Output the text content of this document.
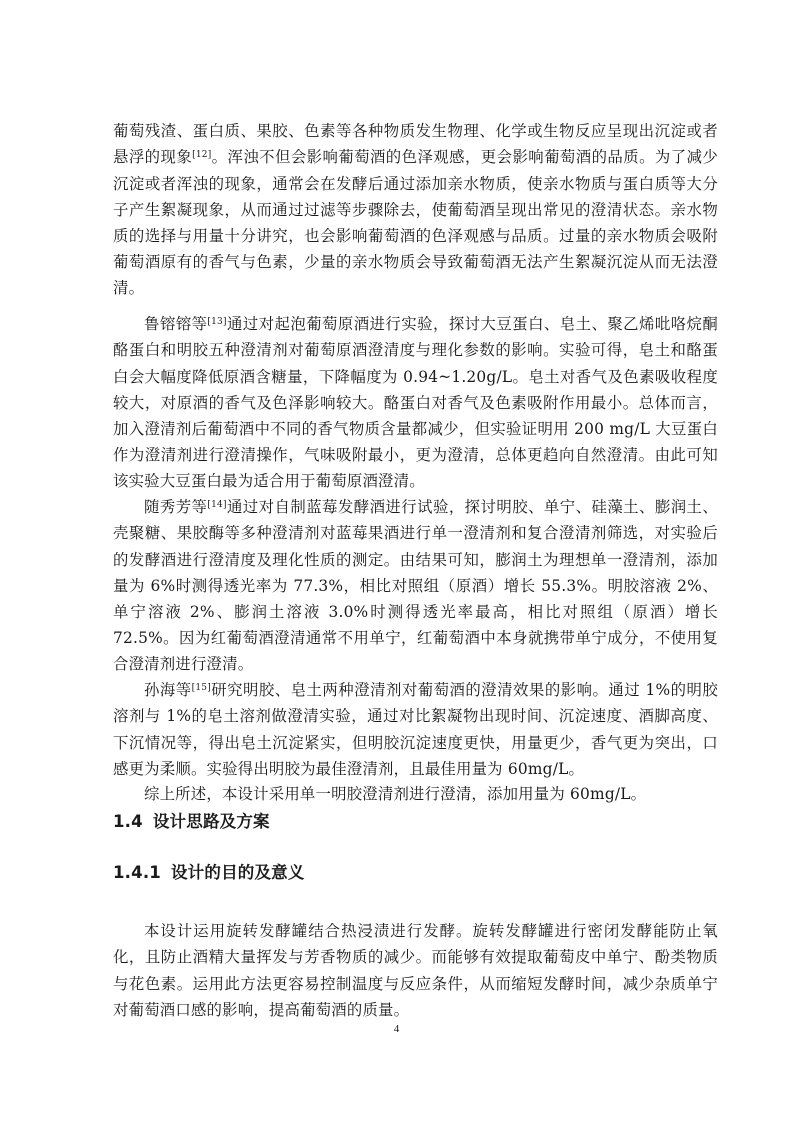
葡萄残渣、蛋白质、果胶、色素等各种物质发生物理、化学或生物反应呈现出沉淀或者悬浮的现象[12]。浑浊不但会影响葡萄酒的色泽观感，更会影响葡萄酒的品质。为了减少沉淀或者浑浊的现象，通常会在发酵后通过添加亲水物质，使亲水物质与蛋白质等大分子产生絮凝现象，从而通过过滤等步骤除去，使葡萄酒呈现出常见的澄清状态。亲水物质的选择与用量十分讲究，也会影响葡萄酒的色泽观感与品质。过量的亲水物质会吸附葡萄酒原有的香气与色素，少量的亲水物质会导致葡萄酒无法产生絮凝沉淀从而无法澄清。

鲁镕镕等[13]通过对起泡葡萄原酒进行实验，探讨大豆蛋白、皂土、聚乙烯吡咯烷酮酪蛋白和明胶五种澄清剂对葡萄原酒澄清度与理化参数的影响。实验可得，皂土和酪蛋白会大幅度降低原酒含糖量，下降幅度为 0.94~1.20g/L。皂土对香气及色素吸收程度较大，对原酒的香气及色泽影响较大。酪蛋白对香气及色素吸附作用最小。总体而言，加入澄清剂后葡萄酒中不同的香气物质含量都减少，但实验证明用 200 mg/L 大豆蛋白作为澄清剂进行澄清操作，气味吸附最小，更为澄清，总体更趋向自然澄清。由此可知该实验大豆蛋白最为适合用于葡萄原酒澄清。

随秀芳等[14]通过对自制蓝莓发酵酒进行试验，探讨明胶、单宁、硅藻土、膨润土、壳聚糖、果胶酶等多种澄清剂对蓝莓果酒进行单一澄清剂和复合澄清剂筛选，对实验后的发酵酒进行澄清度及理化性质的测定。由结果可知，膨润土为理想单一澄清剂，添加量为 6%时测得透光率为 77.3%，相比对照组（原酒）增长 55.3%。明胶溶液 2%、单宁溶液 2%、膨润土溶液 3.0%时测得透光率最高，相比对照组（原酒）增长 72.5%。因为红葡萄酒澄清通常不用单宁，红葡萄酒中本身就携带单宁成分，不使用复合澄清剂进行澄清。

孙海等[15]研究明胶、皂土两种澄清剂对葡萄酒的澄清效果的影响。通过 1%的明胶溶剂与 1%的皂土溶剂做澄清实验，通过对比絮凝物出现时间、沉淀速度、酒脚高度、下沉情况等，得出皂土沉淀紧实，但明胶沉淀速度更快，用量更少，香气更为突出，口感更为柔顺。实验得出明胶为最佳澄清剂，且最佳用量为 60mg/L。

综上所述，本设计采用单一明胶澄清剂进行澄清，添加用量为 60mg/L。

1.4 设计思路及方案
1.4.1 设计的目的及意义

本设计运用旋转发酵罐结合热浸渍进行发酵。旋转发酵罐进行密闭发酵能防止氧化，且防止酒精大量挥发与芳香物质的减少。而能够有效提取葡萄皮中单宁、酚类物质与花色素。运用此方法更容易控制温度与反应条件，从而缩短发酵时间，减少杂质单宁对葡萄酒口感的影响，提高葡萄酒的质量。

4
